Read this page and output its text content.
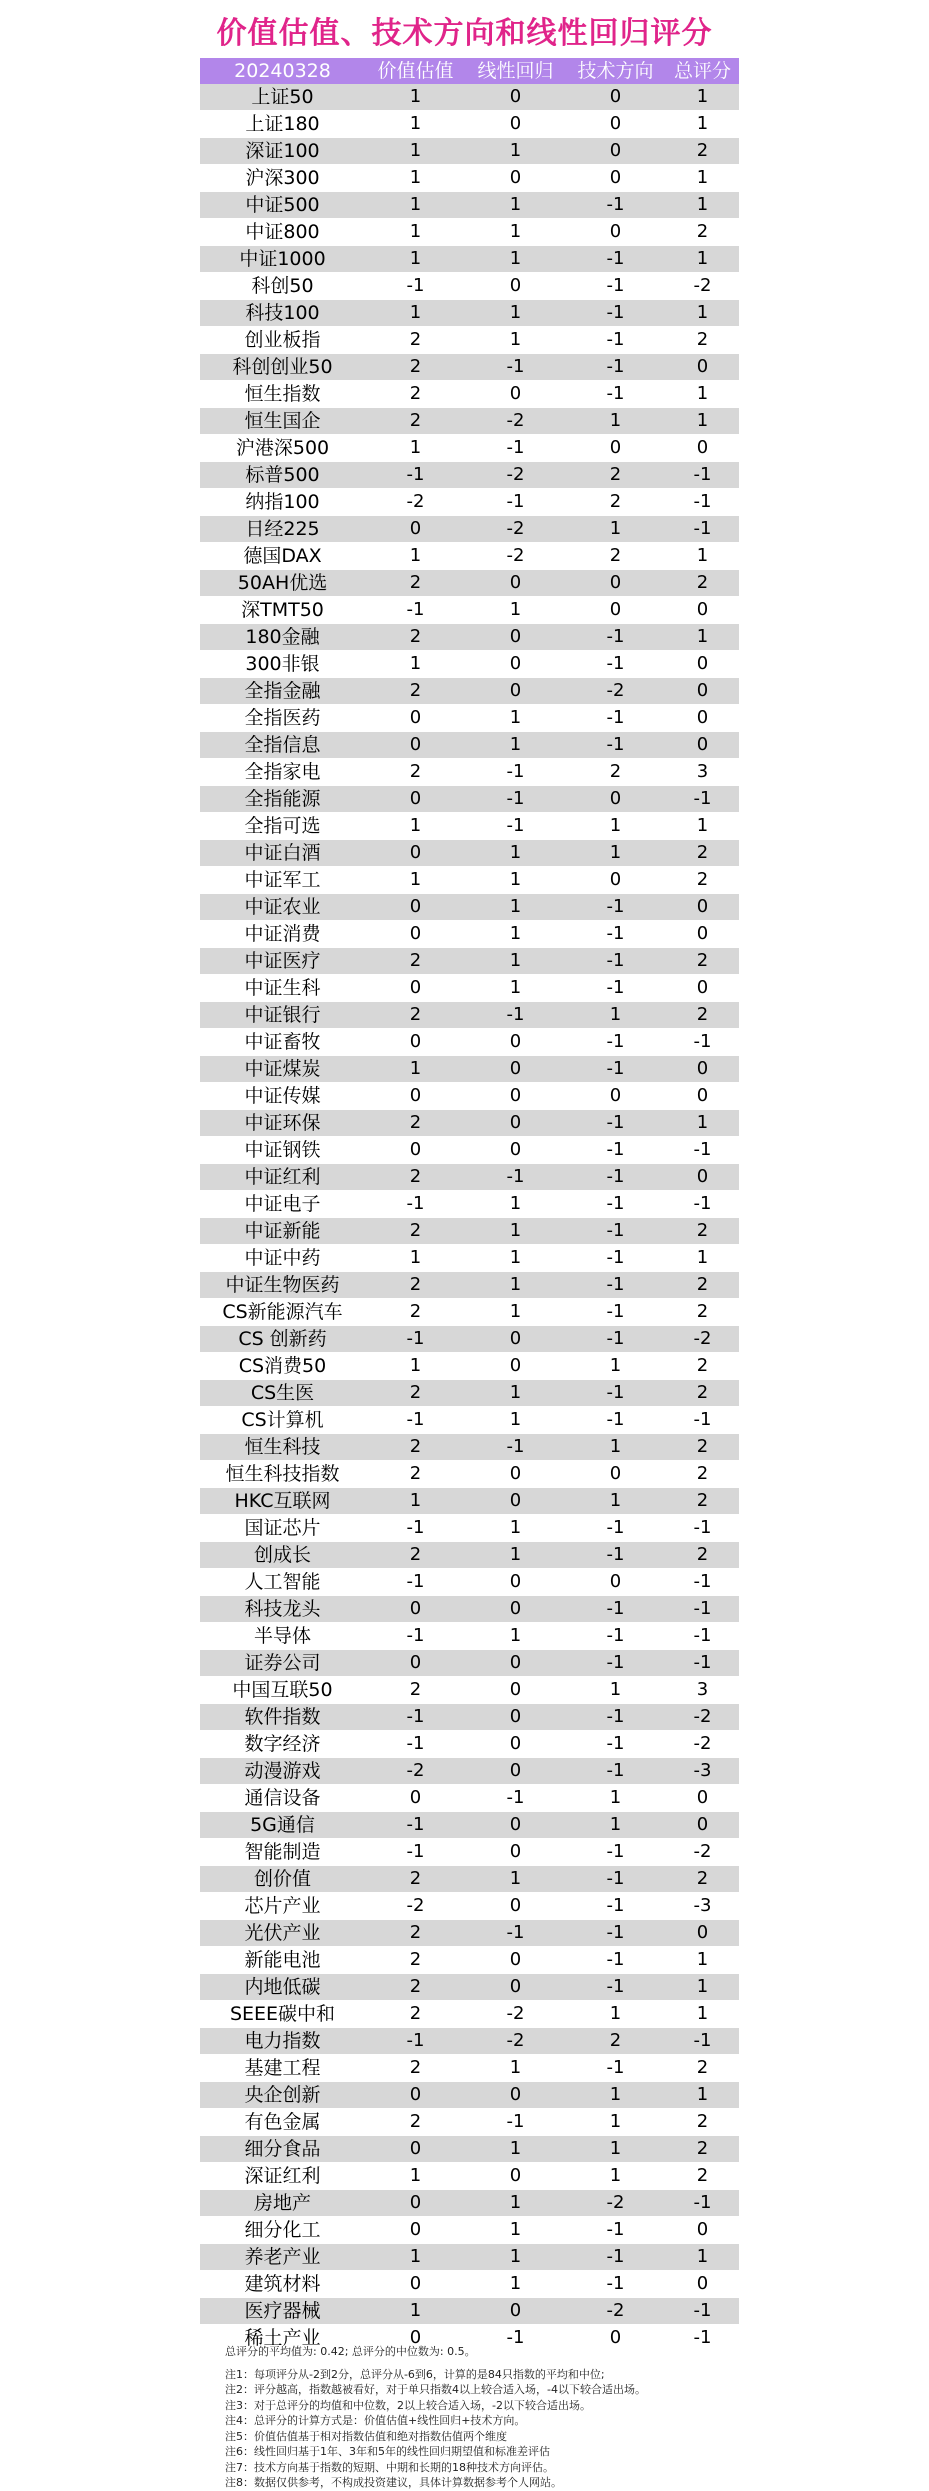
价值估值、技术方向和线性回归评分
20240328	价值估值	线性回归	技术方向	总评分
上证50	1	0	0	1
上证180	1	0	0	1
深证100	1	1	0	2
沪深300	1	0	0	1
中证500	1	1	-1	1
中证800	1	1	0	2
中证1000	1	1	-1	1
科创50	-1	0	-1	-2
科技100	1	1	-1	1
创业板指	2	1	-1	2
科创创业50	2	-1	-1	0
恒生指数	2	0	-1	1
恒生国企	2	-2	1	1
沪港深500	1	-1	0	0
标普500	-1	-2	2	-1
纳指100	-2	-1	2	-1
日经225	0	-2	1	-1
德国DAX	1	-2	2	1
50AH优选	2	0	0	2
深TMT50	-1	1	0	0
180金融	2	0	-1	1
300非银	1	0	-1	0
全指金融	2	0	-2	0
全指医药	0	1	-1	0
全指信息	0	1	-1	0
全指家电	2	-1	2	3
全指能源	0	-1	0	-1
全指可选	1	-1	1	1
中证白酒	0	1	1	2
中证军工	1	1	0	2
中证农业	0	1	-1	0
中证消费	0	1	-1	0
中证医疗	2	1	-1	2
中证生科	0	1	-1	0
中证银行	2	-1	1	2
中证畜牧	0	0	-1	-1
中证煤炭	1	0	-1	0
中证传媒	0	0	0	0
中证环保	2	0	-1	1
中证钢铁	0	0	-1	-1
中证红利	2	-1	-1	0
中证电子	-1	1	-1	-1
中证新能	2	1	-1	2
中证中药	1	1	-1	1
中证生物医药	2	1	-1	2
CS新能源汽车	2	1	-1	2
CS 创新药	-1	0	-1	-2
CS消费50	1	0	1	2
CS生医	2	1	-1	2
CS计算机	-1	1	-1	-1
恒生科技	2	-1	1	2
恒生科技指数	2	0	0	2
HKC互联网	1	0	1	2
国证芯片	-1	1	-1	-1
创成长	2	1	-1	2
人工智能	-1	0	0	-1
科技龙头	0	0	-1	-1
半导体	-1	1	-1	-1
证券公司	0	0	-1	-1
中国互联50	2	0	1	3
软件指数	-1	0	-1	-2
数字经济	-1	0	-1	-2
动漫游戏	-2	0	-1	-3
通信设备	0	-1	1	0
5G通信	-1	0	1	0
智能制造	-1	0	-1	-2
创价值	2	1	-1	2
芯片产业	-2	0	-1	-3
光伏产业	2	-1	-1	0
新能电池	2	0	-1	1
内地低碳	2	0	-1	1
SEEE碳中和	2	-2	1	1
电力指数	-1	-2	2	-1
基建工程	2	1	-1	2
央企创新	0	0	1	1
有色金属	2	-1	1	2
细分食品	0	1	1	2
深证红利	1	0	1	2
房地产	0	1	-2	-1
细分化工	0	1	-1	0
养老产业	1	1	-1	1
建筑材料	0	1	-1	0
医疗器械	1	0	-2	-1
稀土产业	0	-1	0	-1
总评分的平均值为: 0.42; 总评分的中位数为: 0.5。
注1：每项评分从-2到2分，总评分从-6到6，计算的是84只指数的平均和中位;
注2：评分越高，指数越被看好，对于单只指数4以上较合适入场，-4以下较合适出场。
注3：对于总评分的均值和中位数，2以上较合适入场，-2以下较合适出场。
注4：总评分的计算方式是：价值估值+线性回归+技术方向。
注5：价值估值基于相对指数估值和绝对指数估值两个维度
注6：线性回归基于1年、3年和5年的线性回归期望值和标准差评估
注7：技术方向基于指数的短期、中期和长期的18种技术方向评估。
注8：数据仅供参考，不构成投资建议，具体计算数据参考个人网站。
